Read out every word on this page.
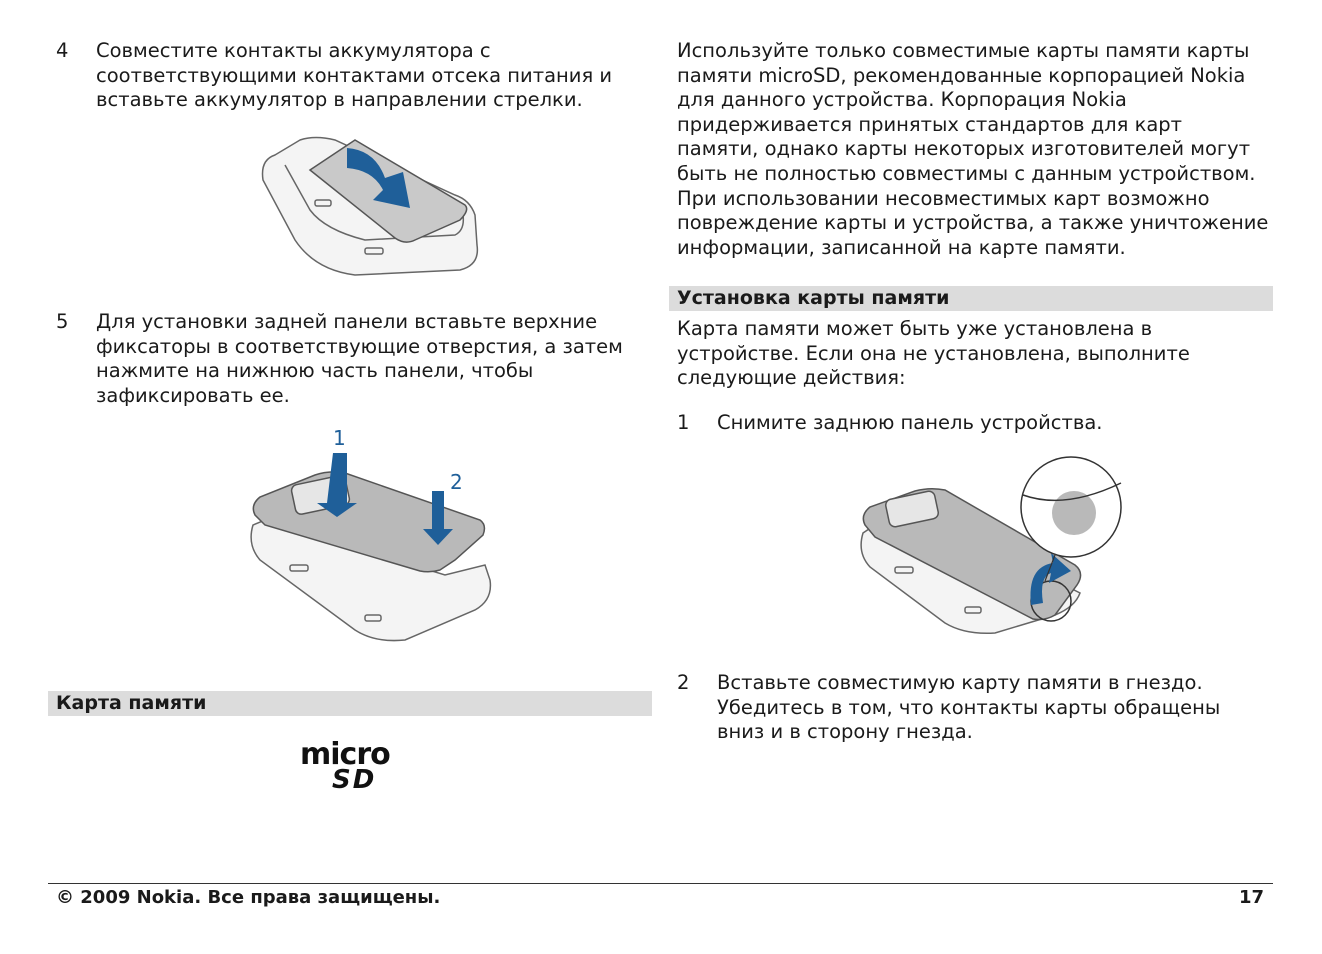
4 Совместите контакты аккумулятора с соответствующими контактами отсека питания и вставьте аккумулятор в направлении стрелки.
5 Для установки задней панели вставьте верхние фиксаторы в соответствующие отверстия, а затем нажмите на нижнюю часть панели, чтобы зафиксировать ее.
1
2
Карта памяти
micro
SD
Используйте только совместимые карты памяти карты памяти microSD, рекомендованные корпорацией Nokia для данного устройства. Корпорация Nokia придерживается принятых стандартов для карт памяти, однако карты некоторых изготовителей могут быть не полностью совместимы с данным устройством. При использовании несовместимых карт возможно повреждение карты и устройства, а также уничтожение информации, записанной на карте памяти.
Установка карты памяти
Карта памяти может быть уже установлена в устройстве. Если она не установлена, выполните следующие действия:
1 Снимите заднюю панель устройства.
2 Вставьте совместимую карту памяти в гнездо. Убедитесь в том, что контакты карты обращены вниз и в сторону гнезда.
© 2009 Nokia. Все права защищены.	17
